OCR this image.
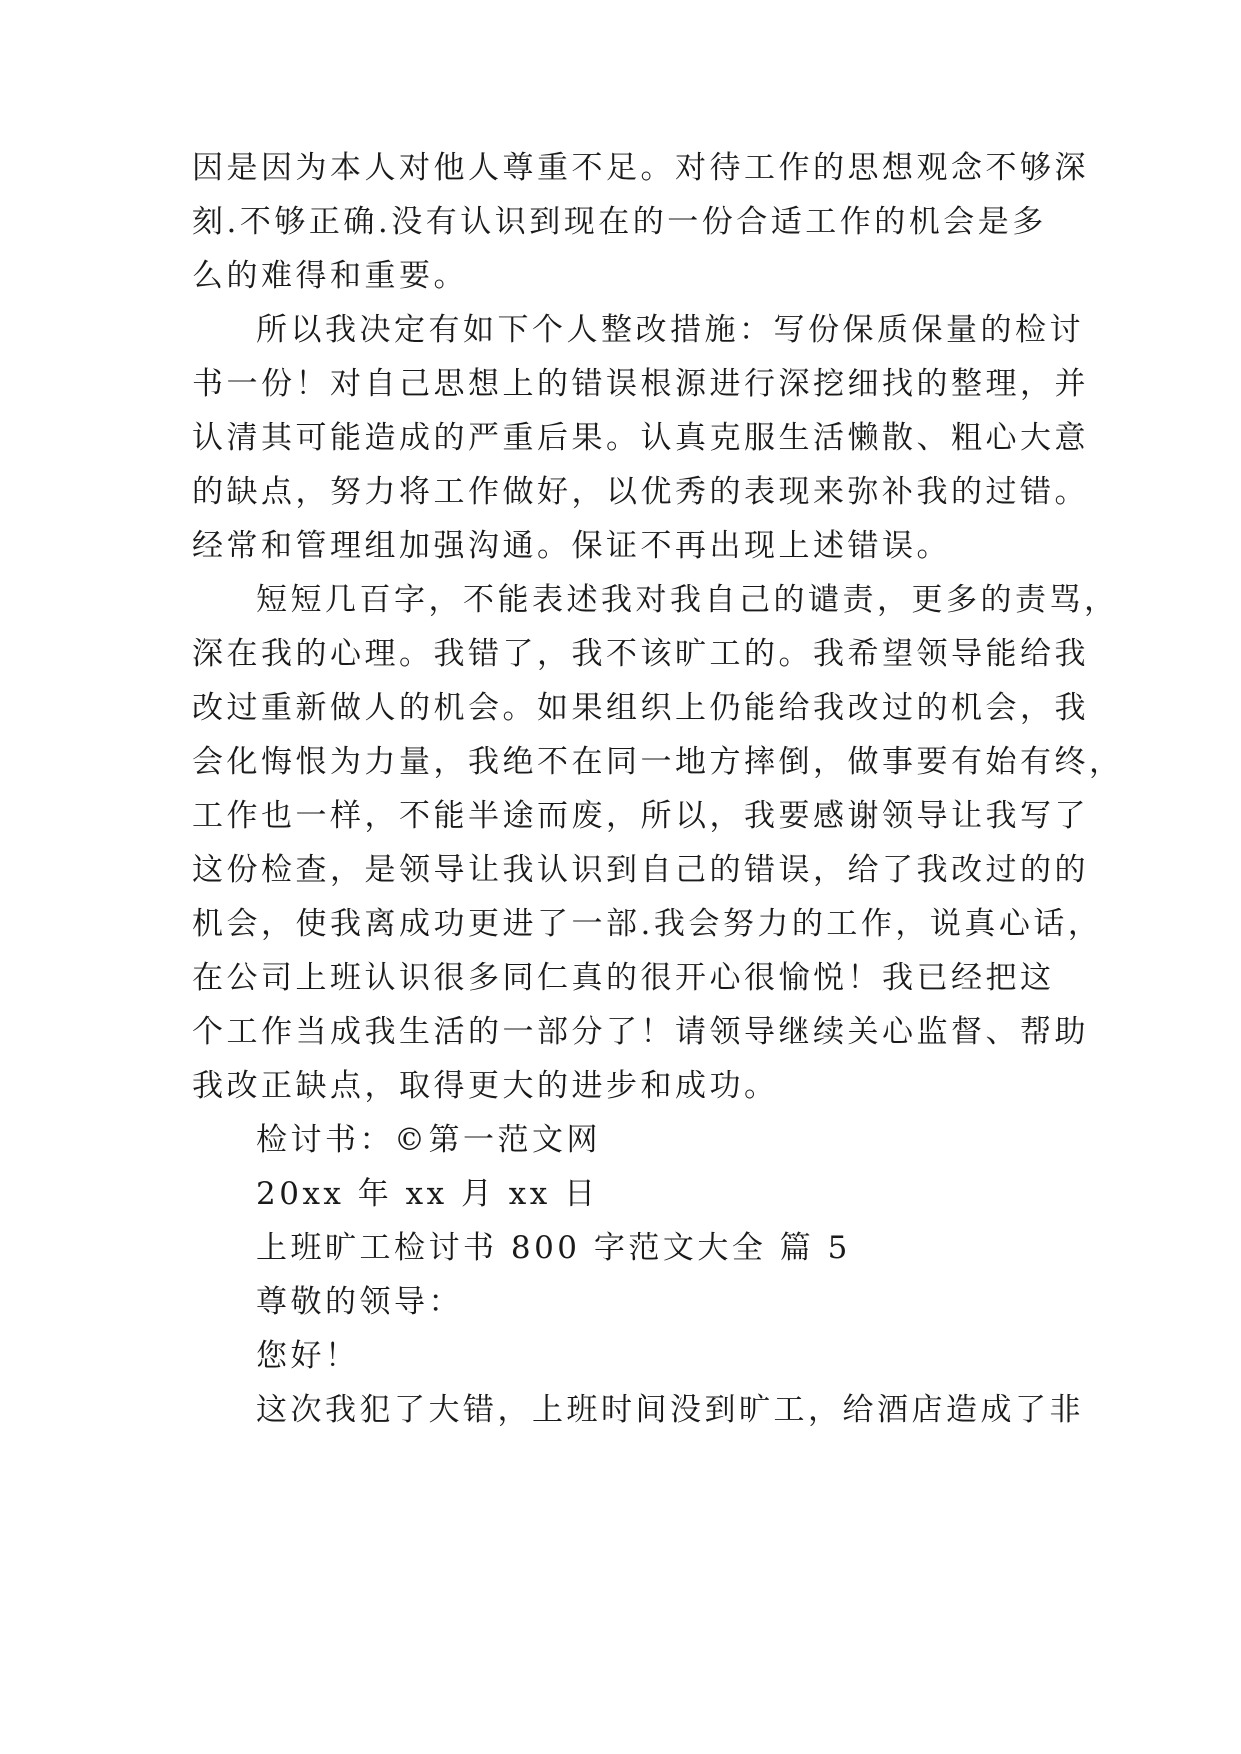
因是因为本人对他人尊重不足。对待工作的思想观念不够深
刻.不够正确.没有认识到现在的一份合适工作的机会是多
么的难得和重要。
所以我决定有如下个人整改措施：写份保质保量的检讨
书一份！对自己思想上的错误根源进行深挖细找的整理，并
认清其可能造成的严重后果。认真克服生活懒散、粗心大意
的缺点，努力将工作做好，以优秀的表现来弥补我的过错。
经常和管理组加强沟通。保证不再出现上述错误。
短短几百字，不能表述我对我自己的谴责，更多的责骂，
深在我的心理。我错了，我不该旷工的。我希望领导能给我
改过重新做人的机会。如果组织上仍能给我改过的机会，我
会化悔恨为力量，我绝不在同一地方摔倒，做事要有始有终，
工作也一样，不能半途而废，所以，我要感谢领导让我写了
这份检查，是领导让我认识到自己的错误，给了我改过的的
机会，使我离成功更进了一部.我会努力的工作，说真心话，
在公司上班认识很多同仁真的很开心很愉悦！我已经把这
个工作当成我生活的一部分了！请领导继续关心监督、帮助
我改正缺点，取得更大的进步和成功。
检讨书：©第一范文网
20xx 年 xx 月 xx 日
上班旷工检讨书 800 字范文大全 篇 5
尊敬的领导：
您好！
这次我犯了大错，上班时间没到旷工，给酒店造成了非
